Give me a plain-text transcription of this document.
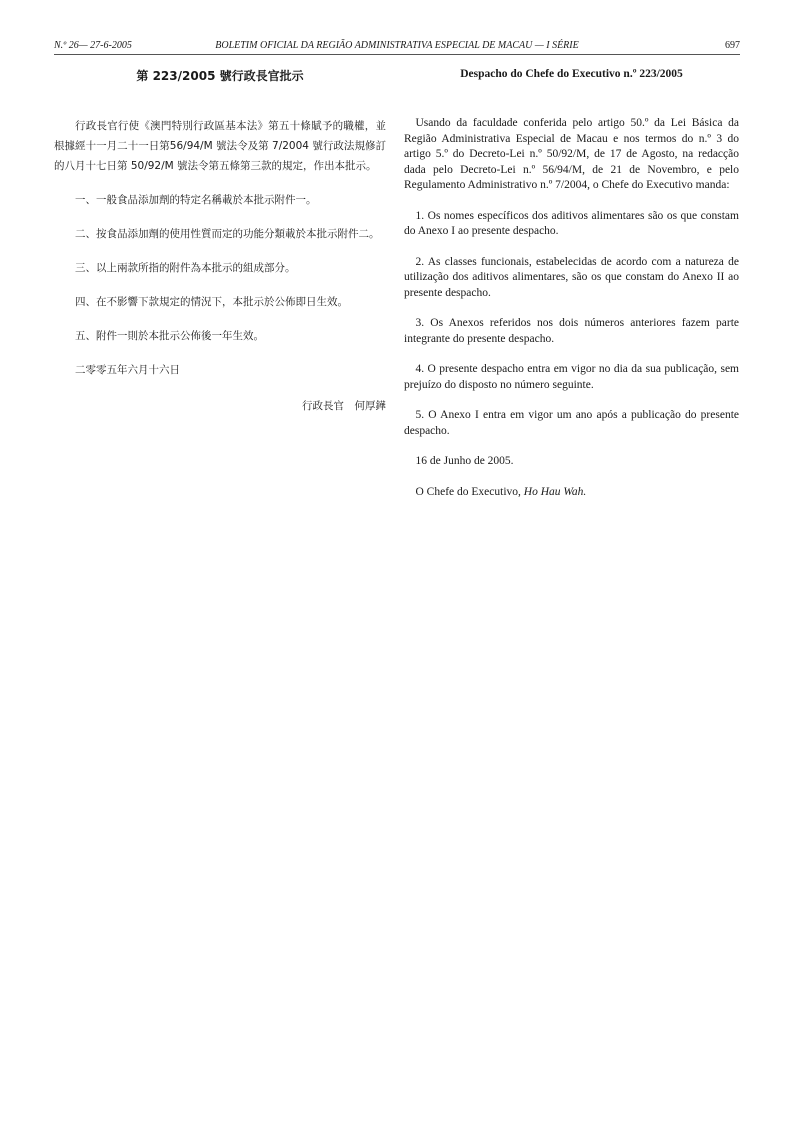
N.º 26— 27-6-2005	BOLETIM OFICIAL DA REGIÃO ADMINISTRATIVA ESPECIAL DE MACAU — I SÉRIE	697
第 223/2005 號行政長官批示

行政長官行使《澳門特別行政區基本法》第五十條賦予的職權，並根據經十一月二十一日第56/94/M 號法令及第 7/2004 號行政法規修訂的八月十七日第 50/92/M 號法令第五條第三款的規定，作出本批示。

一、一般食品添加劑的特定名稱載於本批示附件一。

二、按食品添加劑的使用性質而定的功能分類載於本批示附件二。

三、以上兩款所指的附件為本批示的組成部分。

四、在不影響下款規定的情況下，本批示於公佈即日生效。

五、附件一則於本批示公佈後一年生效。

二零零五年六月十六日

行政長官　何厚鏵
Despacho do Chefe do Executivo n.º 223/2005

Usando da faculdade conferida pelo artigo 50.º da Lei Básica da Região Administrativa Especial de Macau e nos termos do n.º 3 do artigo 5.º do Decreto-Lei n.º 50/92/M, de 17 de Agosto, na redacção dada pelo Decreto-Lei n.º 56/94/M, de 21 de Novembro, e pelo Regulamento Administrativo n.º 7/2004, o Chefe do Executivo manda:

1. Os nomes específicos dos aditivos alimentares são os que constam do Anexo I ao presente despacho.

2. As classes funcionais, estabelecidas de acordo com a natureza de utilização dos aditivos alimentares, são os que constam do Anexo II ao presente despacho.

3. Os Anexos referidos nos dois números anteriores fazem parte integrante do presente despacho.

4. O presente despacho entra em vigor no dia da sua publicação, sem prejuízo do disposto no número seguinte.

5. O Anexo I entra em vigor um ano após a publicação do presente despacho.

16 de Junho de 2005.

O Chefe do Executivo, Ho Hau Wah.
